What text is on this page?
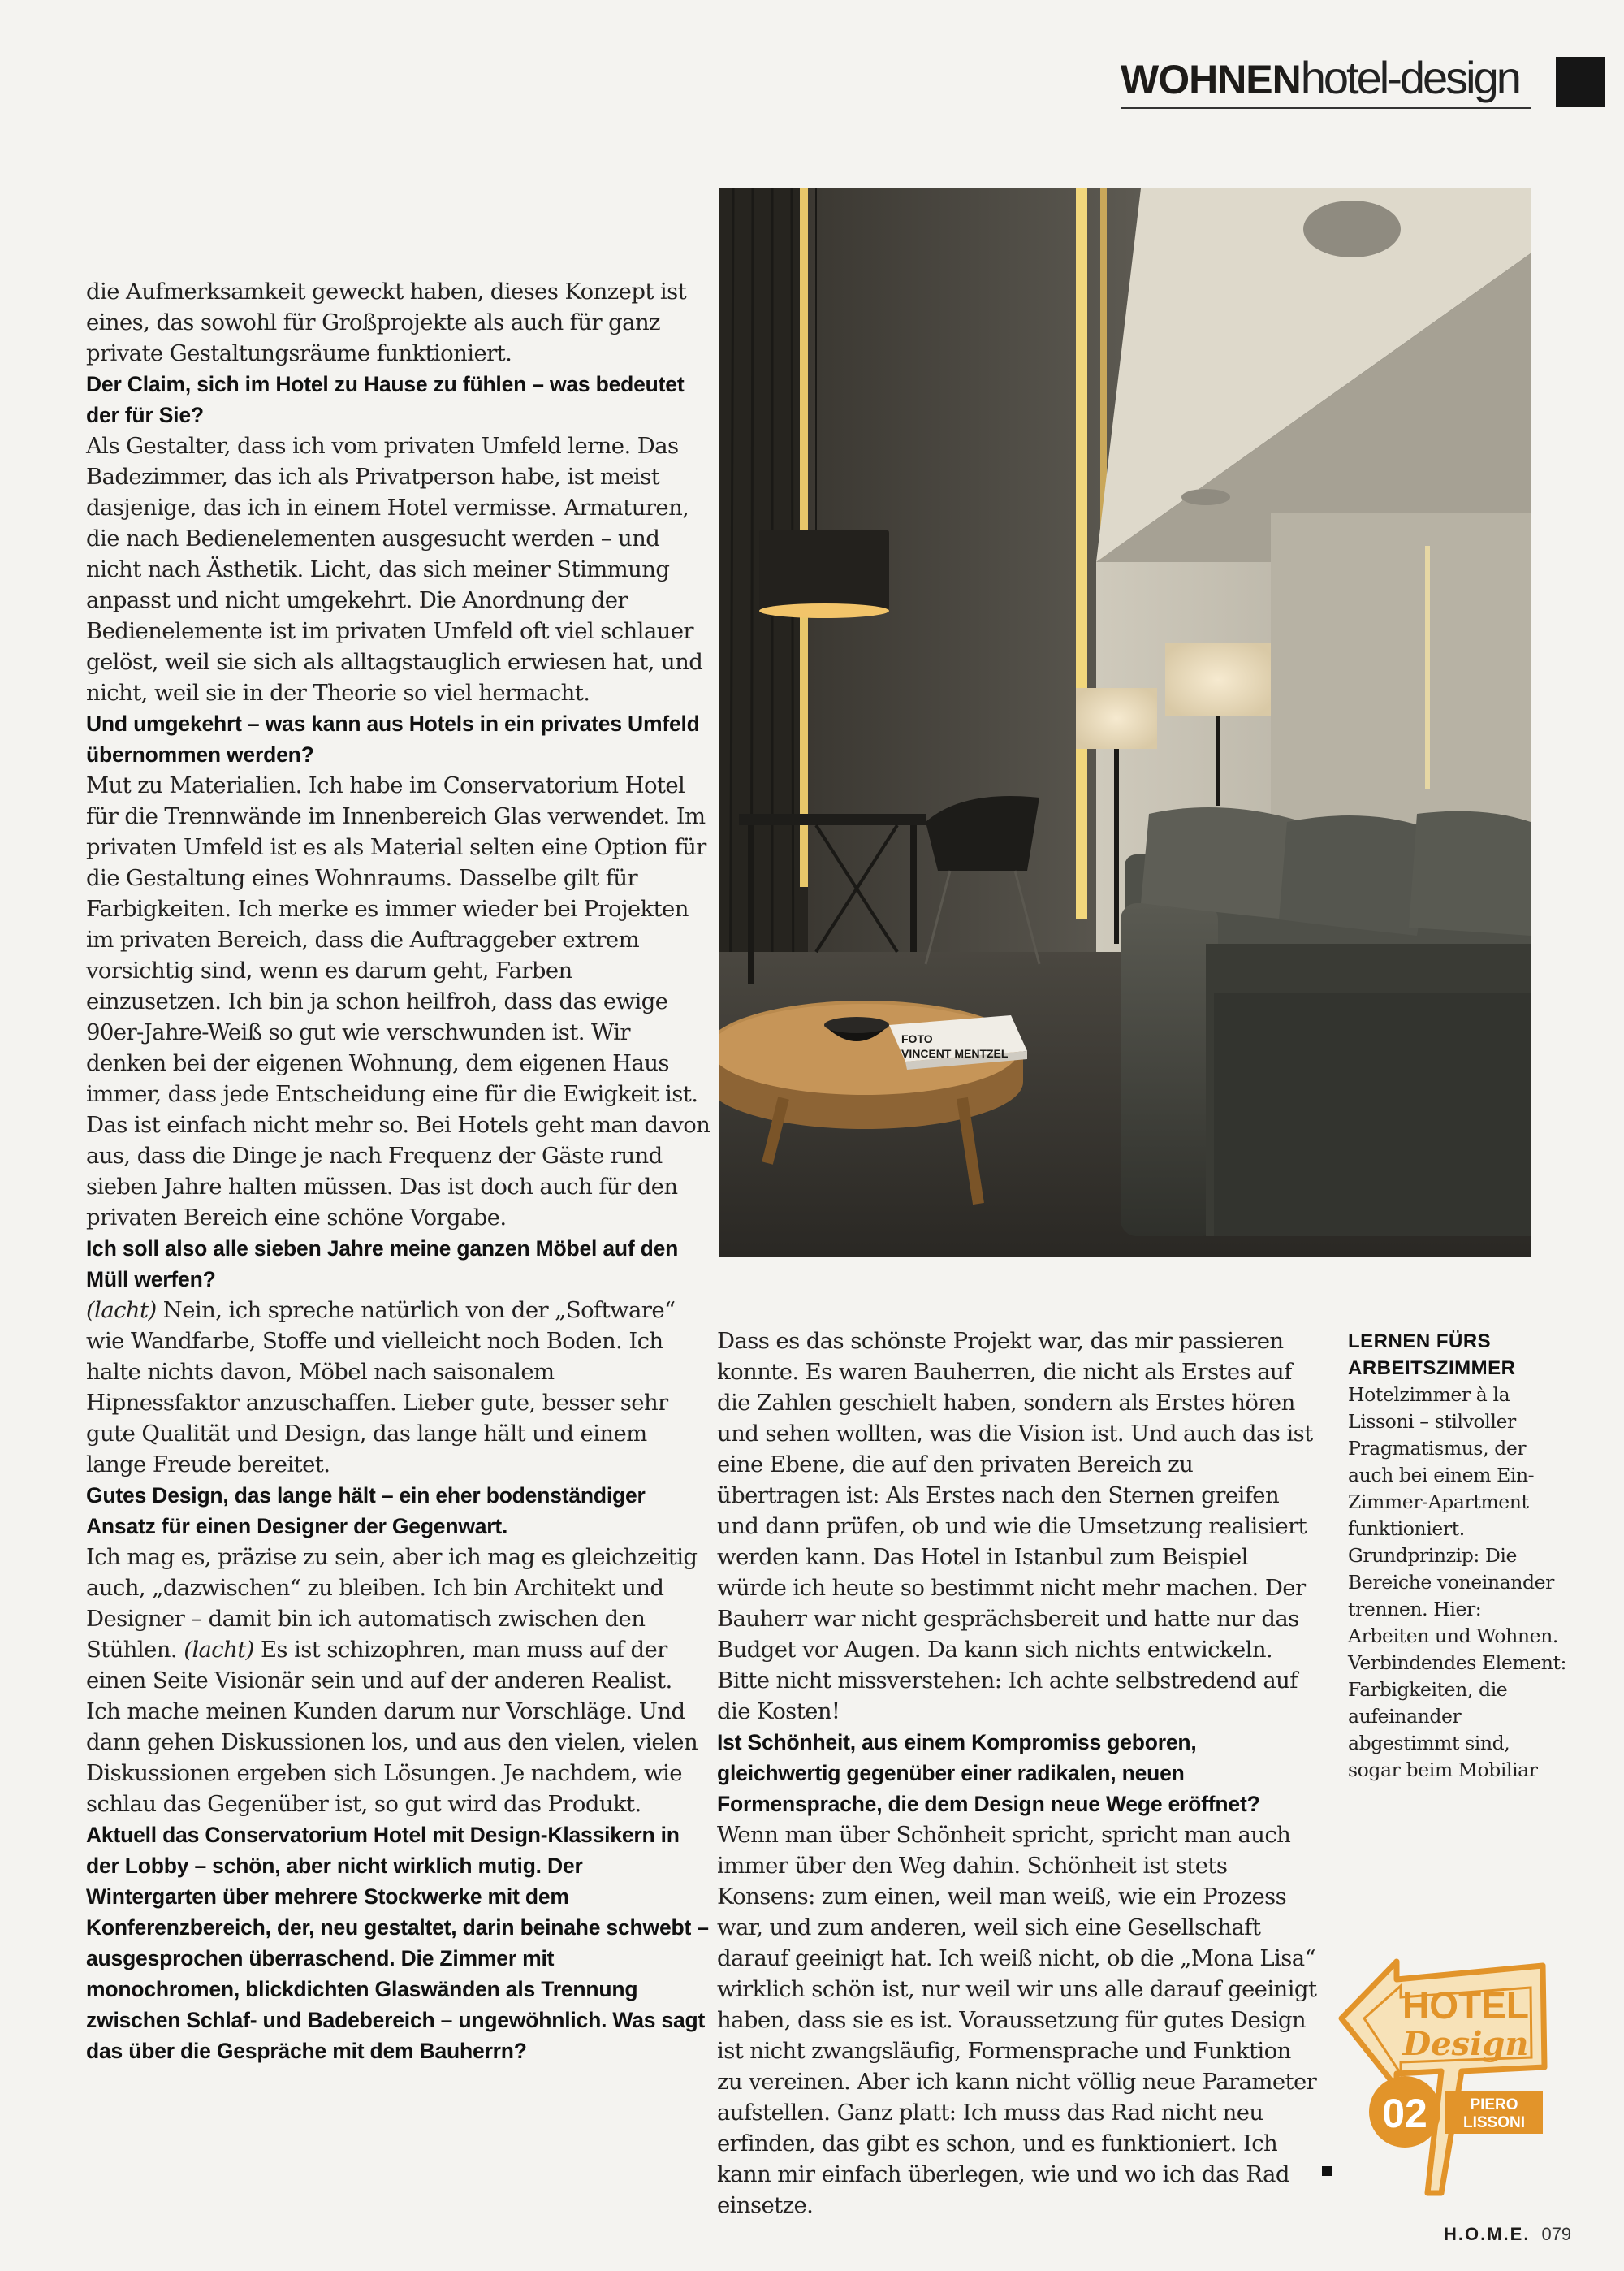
WOHNENhotel-design

die Aufmerksamkeit geweckt haben, dieses Konzept ist eines, das sowohl für Großprojekte als auch für ganz private Gestaltungsräume funktioniert.

Der Claim, sich im Hotel zu Hause zu fühlen – was bedeutet der für Sie?

Als Gestalter, dass ich vom privaten Umfeld lerne. Das Badezimmer, das ich als Privatperson habe, ist meist dasjenige, das ich in einem Hotel vermisse. Armaturen, die nach Bedienelementen ausgesucht werden – und nicht nach Ästhetik. Licht, das sich meiner Stimmung anpasst und nicht umgekehrt. Die Anordnung der Bedienelemente ist im privaten Umfeld oft viel schlauer gelöst, weil sie sich als alltagstauglich erwiesen hat, und nicht, weil sie in der Theorie so viel hermacht.

Und umgekehrt – was kann aus Hotels in ein privates Umfeld übernommen werden?

Mut zu Materialien. Ich habe im Conservatorium Hotel für die Trennwände im Innenbereich Glas verwendet. Im privaten Umfeld ist es als Material selten eine Option für die Gestaltung eines Wohnraums. Dasselbe gilt für Farbigkeiten. Ich merke es immer wieder bei Projekten im privaten Bereich, dass die Auftraggeber extrem vorsichtig sind, wenn es darum geht, Farben einzusetzen. Ich bin ja schon heilfroh, dass das ewige 90er-Jahre-Weiß so gut wie verschwunden ist. Wir denken bei der eigenen Wohnung, dem eigenen Haus immer, dass jede Entscheidung eine für die Ewigkeit ist. Das ist einfach nicht mehr so. Bei Hotels geht man davon aus, dass die Dinge je nach Frequenz der Gäste rund sieben Jahre halten müssen. Das ist doch auch für den privaten Bereich eine schöne Vorgabe.

Ich soll also alle sieben Jahre meine ganzen Möbel auf den Müll werfen?

(lacht) Nein, ich spreche natürlich von der „Software“ wie Wandfarbe, Stoffe und vielleicht noch Boden. Ich halte nichts davon, Möbel nach saisonalem Hipnessfaktor anzuschaffen. Lieber gute, besser sehr gute Qualität und Design, das lange hält und einem lange Freude bereitet.

Gutes Design, das lange hält – ein eher bodenständiger Ansatz für einen Designer der Gegenwart.

Ich mag es, präzise zu sein, aber ich mag es gleichzeitig auch, „dazwischen“ zu bleiben. Ich bin Architekt und Designer – damit bin ich automatisch zwischen den Stühlen. (lacht) Es ist schizophren, man muss auf der einen Seite Visionär sein und auf der anderen Realist. Ich mache meinen Kunden darum nur Vorschläge. Und dann gehen Diskussionen los, und aus den vielen, vielen Diskussionen ergeben sich Lösungen. Je nachdem, wie schlau das Gegenüber ist, so gut wird das Produkt.

Aktuell das Conservatorium Hotel mit Design-Klassikern in der Lobby – schön, aber nicht wirklich mutig. Der Wintergarten über mehrere Stockwerke mit dem Konferenzbereich, der, neu gestaltet, darin beinahe schwebt – ausgesprochen überraschend. Die Zimmer mit monochromen, blickdichten Glaswänden als Trennung zwischen Schlaf- und Badebereich – ungewöhnlich. Was sagt das über die Gespräche mit dem Bauherrn?

FOTO
VINCENT MENTZEL

Dass es das schönste Projekt war, das mir passieren konnte. Es waren Bauherren, die nicht als Erstes auf die Zahlen geschielt haben, sondern als Erstes hören und sehen wollten, was die Vision ist. Und auch das ist eine Ebene, die auf den privaten Bereich zu übertragen ist: Als Erstes nach den Sternen greifen und dann prüfen, ob und wie die Umsetzung realisiert werden kann. Das Hotel in Istanbul zum Beispiel würde ich heute so bestimmt nicht mehr machen. Der Bauherr war nicht gesprächsbereit und hatte nur das Budget vor Augen. Da kann sich nichts entwickeln. Bitte nicht missverstehen: Ich achte selbstredend auf die Kosten!

Ist Schönheit, aus einem Kompromiss geboren, gleichwertig gegenüber einer radikalen, neuen Formensprache, die dem Design neue Wege eröffnet?

Wenn man über Schönheit spricht, spricht man auch immer über den Weg dahin. Schönheit ist stets Konsens: zum einen, weil man weiß, wie ein Prozess war, und zum anderen, weil sich eine Gesellschaft darauf geeinigt hat. Ich weiß nicht, ob die „Mona Lisa“ wirklich schön ist, nur weil wir uns alle darauf geeinigt haben, dass sie es ist. Voraussetzung für gutes Design ist nicht zwangsläufig, Formensprache und Funktion zu vereinen. Aber ich kann nicht völlig neue Parameter aufstellen. Ganz platt: Ich muss das Rad nicht neu erfinden, das gibt es schon, und es funktioniert. Ich kann mir einfach überlegen, wie und wo ich das Rad einsetze.

LERNEN FÜRS ARBEITSZIMMER
Hotelzimmer à la Lissoni – stilvoller Pragmatismus, der auch bei einem Ein-Zimmer-Apartment funktioniert. Grundprinzip: Die Bereiche voneinander trennen. Hier: Arbeiten und Wohnen. Verbindendes Element: Farbigkeiten, die aufeinander abgestimmt sind, sogar beim Mobiliar
HOTEL
Design
02	PIERO
LISSONI
H.O.M.E. 079
